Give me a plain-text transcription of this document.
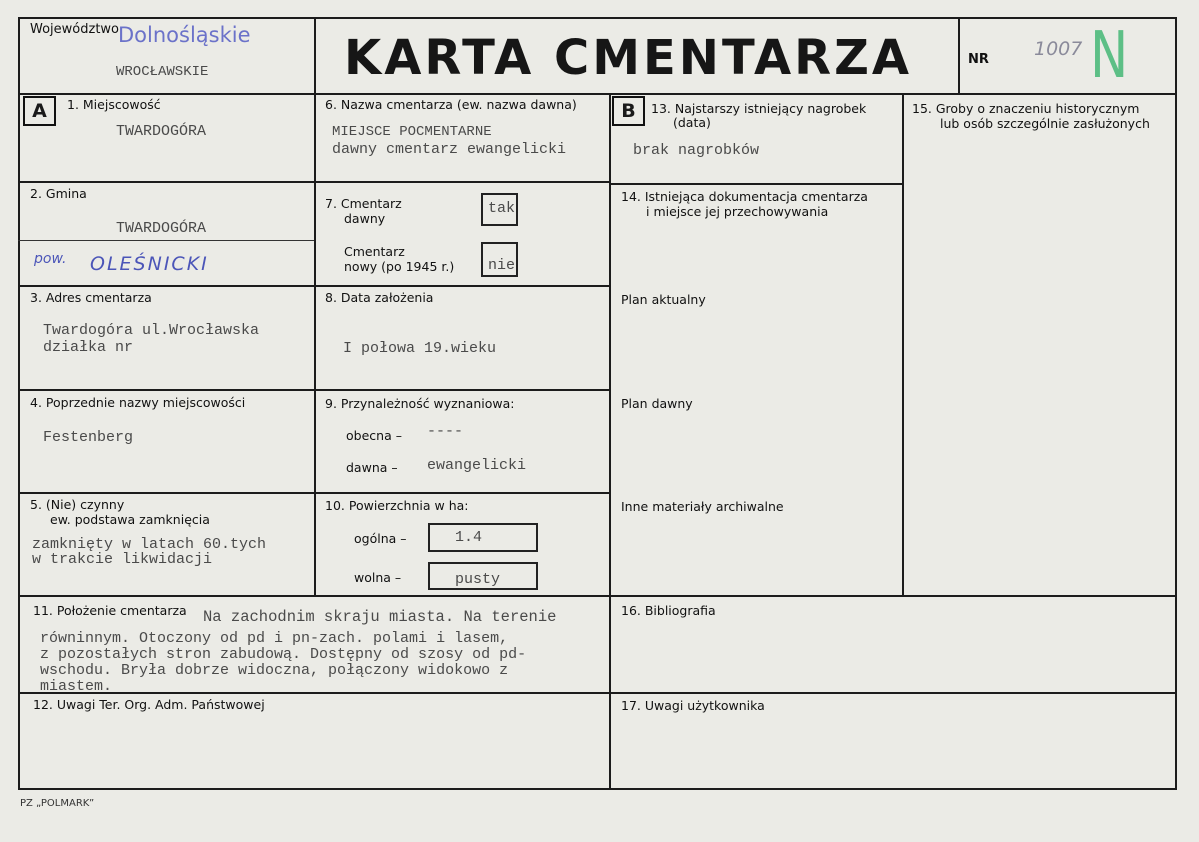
Województwo
Dolnośląskie
WROCŁAWSKIE	KARTA CMENTARZA	NR 1007 N
A	B
1. Miejscowość
TWARDOGÓRA
2. Gmina
TWARDOGÓRA
pow. OLEŚNICKI
3. Adres cmentarza
Twardogóra ul.Wrocławska
działka nr
4. Poprzednie nazwy miejscowości
Festenberg
5. (Nie) czynny
ew. podstawa zamknięcia
zamknięty w latach 60.tych
w trakcie likwidacji
6. Nazwa cmentarza (ew. nazwa dawna)
MIEJSCE POCMENTARNE
dawny cmentarz ewangelicki
7. Cmentarz
dawny
tak
Cmentarz
nowy (po 1945 r.) nie
8. Data założenia
I połowa 19.wieku
9. Przynależność wyznaniowa:
obecna – ----
dawna – ewangelicki
10. Powierzchnia w ha:
ogólna –	1.4
wolna –	pusty
11. Położenie cmentarza Na zachodnim skraju miasta. Na terenie
równinnym. Otoczony od pd i pn-zach. polami i lasem,
z pozostałych stron zabudową. Dostępny od szosy od pd-
wschodu. Bryła dobrze widoczna, połączony widokowo z
miastem.
12. Uwagi Ter. Org. Adm. Państwowej
13. Najstarszy istniejący nagrobek
(data)
brak nagrobków
14. Istniejąca dokumentacja cmentarza
i miejsce jej przechowywania
Plan aktualny
Plan dawny
Inne materiały archiwalne
15. Groby o znaczeniu historycznym
lub osób szczególnie zasłużonych
16. Bibliografia
17. Uwagi użytkownika
PZ „POLMARK”
